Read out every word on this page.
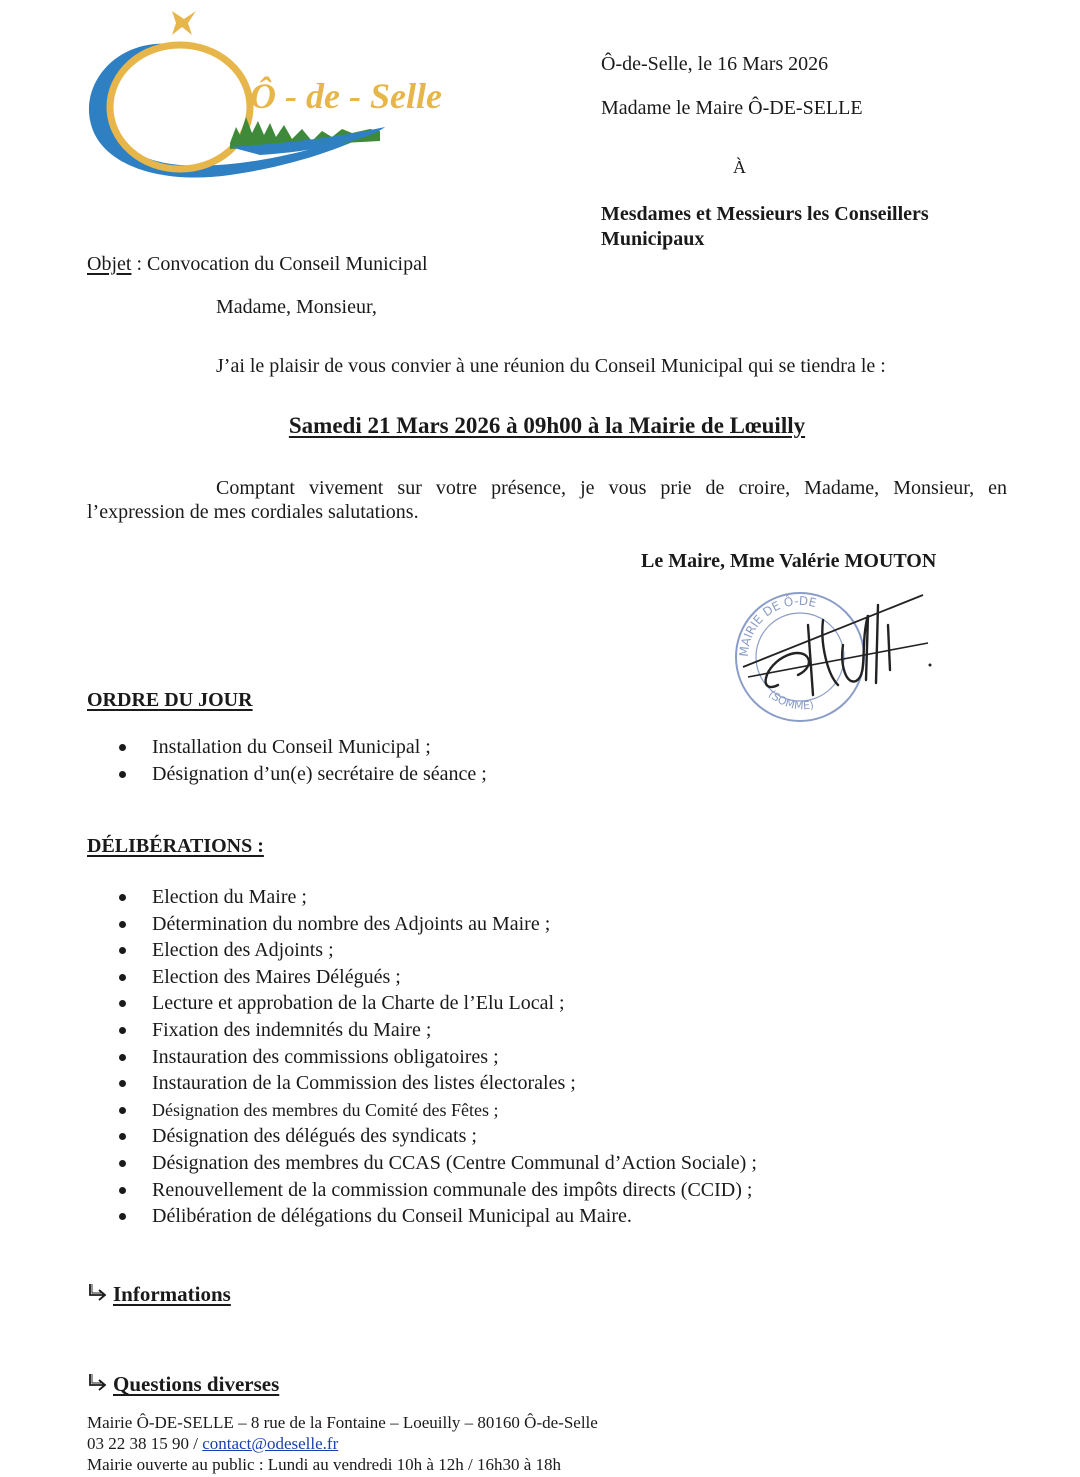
Ô - de - Selle
Ô-de-Selle, le 16 Mars 2026
Madame le Maire Ô-DE-SELLE
À
Mesdames et Messieurs les Conseillers
Municipaux
Objet : Convocation du Conseil Municipal
Madame, Monsieur,
J’ai le plaisir de vous convier à une réunion du Conseil Municipal qui se tiendra le :
Samedi 21 Mars 2026 à 09h00 à la Mairie de Lœuilly
Comptant vivement sur votre présence, je vous prie de croire, Madame, Monsieur, en
l’expression de mes cordiales salutations.
Le Maire, Mme Valérie MOUTON
MAIRIE DE Ô-DE
(SOMME)
ORDRE DU JOUR
Installation du Conseil Municipal ;
Désignation d’un(e) secrétaire de séance ;
DÉLIBÉRATIONS :
Election du Maire ;
Détermination du nombre des Adjoints au Maire ;
Election des Adjoints ;
Election des Maires Délégués ;
Lecture et approbation de la Charte de l’Elu Local ;
Fixation des indemnités du Maire ;
Instauration des commissions obligatoires ;
Instauration de la Commission des listes électorales ;
Désignation des membres du Comité des Fêtes ;
Désignation des délégués des syndicats ;
Désignation des membres du CCAS (Centre Communal d’Action Sociale) ;
Renouvellement de la commission communale des impôts directs (CCID) ;
Délibération de délégations du Conseil Municipal au Maire.
Informations
Questions diverses
Mairie Ô-DE-SELLE – 8 rue de la Fontaine – Loeuilly – 80160 Ô-de-Selle
03 22 38 15 90 / contact@odeselle.fr
Mairie ouverte au public : Lundi au vendredi 10h à 12h / 16h30 à 18h
